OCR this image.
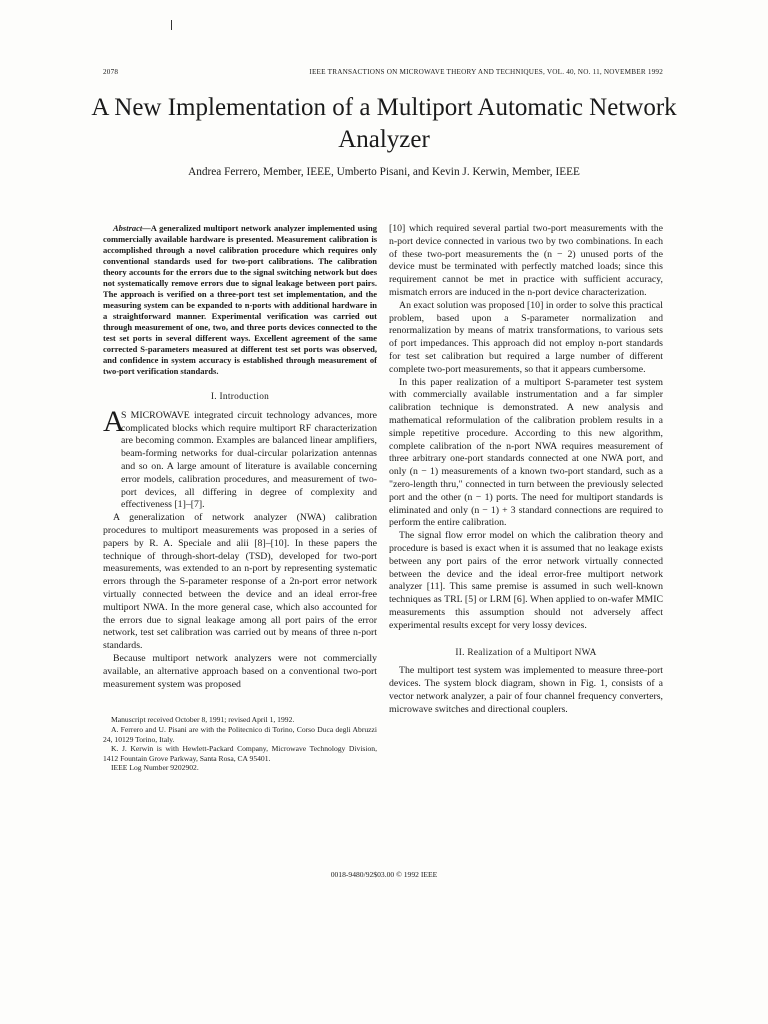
2078	IEEE TRANSACTIONS ON MICROWAVE THEORY AND TECHNIQUES, VOL. 40, NO. 11, NOVEMBER 1992
A New Implementation of a Multiport Automatic Network Analyzer
Andrea Ferrero, Member, IEEE, Umberto Pisani, and Kevin J. Kerwin, Member, IEEE

Abstract—A generalized multiport network analyzer implemented using commercially available hardware is presented. Measurement calibration is accomplished through a novel calibration procedure which requires only conventional standards used for two-port calibrations. The calibration theory accounts for the errors due to the signal switching network but does not systematically remove errors due to signal leakage between port pairs. The approach is verified on a three-port test set implementation, and the measuring system can be expanded to n-ports with additional hardware in a straightforward manner. Experimental verification was carried out through measurement of one, two, and three ports devices connected to the test set ports in several different ways. Excellent agreement of the same corrected S-parameters measured at different test set ports was observed, and confidence in system accuracy is established through measurement of two-port verification standards.

I. Introduction

A

S MICROWAVE integrated circuit technology advances, more complicated blocks which require multiport RF characterization are becoming common. Examples are balanced linear amplifiers, beam-forming networks for dual-circular polarization antennas and so on. A large amount of literature is available concerning error models, calibration procedures, and measurement of two-port devices, all differing in degree of complexity and effectiveness [1]–[7].

A generalization of network analyzer (NWA) calibration procedures to multiport measurements was proposed in a series of papers by R. A. Speciale and alii [8]–[10]. In these papers the technique of through-short-delay (TSD), developed for two-port measurements, was extended to an n-port by representing systematic errors through the S-parameter response of a 2n-port error network virtually connected between the device and an ideal error-free multiport NWA. In the more general case, which also accounted for the errors due to signal leakage among all port pairs of the error network, test set calibration was carried out by means of three n-port standards.

Because multiport network analyzers were not commercially available, an alternative approach based on a conventional two-port measurement system was proposed

Manuscript received October 8, 1991; revised April 1, 1992.

A. Ferrero and U. Pisani are with the Politecnico di Torino, Corso Duca degli Abruzzi 24, 10129 Torino, Italy.

K. J. Kerwin is with Hewlett-Packard Company, Microwave Technology Division, 1412 Fountain Grove Parkway, Santa Rosa, CA 95401.

IEEE Log Number 9202902.

[10] which required several partial two-port measurements with the n-port device connected in various two by two combinations. In each of these two-port measurements the (n − 2) unused ports of the device must be terminated with perfectly matched loads; since this requirement cannot be met in practice with sufficient accuracy, mismatch errors are induced in the n-port device characterization.

An exact solution was proposed [10] in order to solve this practical problem, based upon a S-parameter normalization and renormalization by means of matrix transformations, to various sets of port impedances. This approach did not employ n-port standards for test set calibration but required a large number of different complete two-port measurements, so that it appears cumbersome.

In this paper realization of a multiport S-parameter test system with commercially available instrumentation and a far simpler calibration technique is demonstrated. A new analysis and mathematical reformulation of the calibration problem results in a simple repetitive procedure. According to this new algorithm, complete calibration of the n-port NWA requires measurement of three arbitrary one-port standards connected at one NWA port, and only (n − 1) measurements of a known two-port standard, such as a "zero-length thru," connected in turn between the previously selected port and the other (n − 1) ports. The need for multiport standards is eliminated and only (n − 1) + 3 standard connections are required to perform the entire calibration.

The signal flow error model on which the calibration theory and procedure is based is exact when it is assumed that no leakage exists between any port pairs of the error network virtually connected between the device and the ideal error-free multiport network analyzer [11]. This same premise is assumed in such well-known techniques as TRL [5] or LRM [6]. When applied to on-wafer MMIC measurements this assumption should not adversely affect experimental results except for very lossy devices.

II. Realization of a Multiport NWA

The multiport test system was implemented to measure three-port devices. The system block diagram, shown in Fig. 1, consists of a vector network analyzer, a pair of four channel frequency converters, microwave switches and directional couplers.

0018-9480/92$03.00 © 1992 IEEE
